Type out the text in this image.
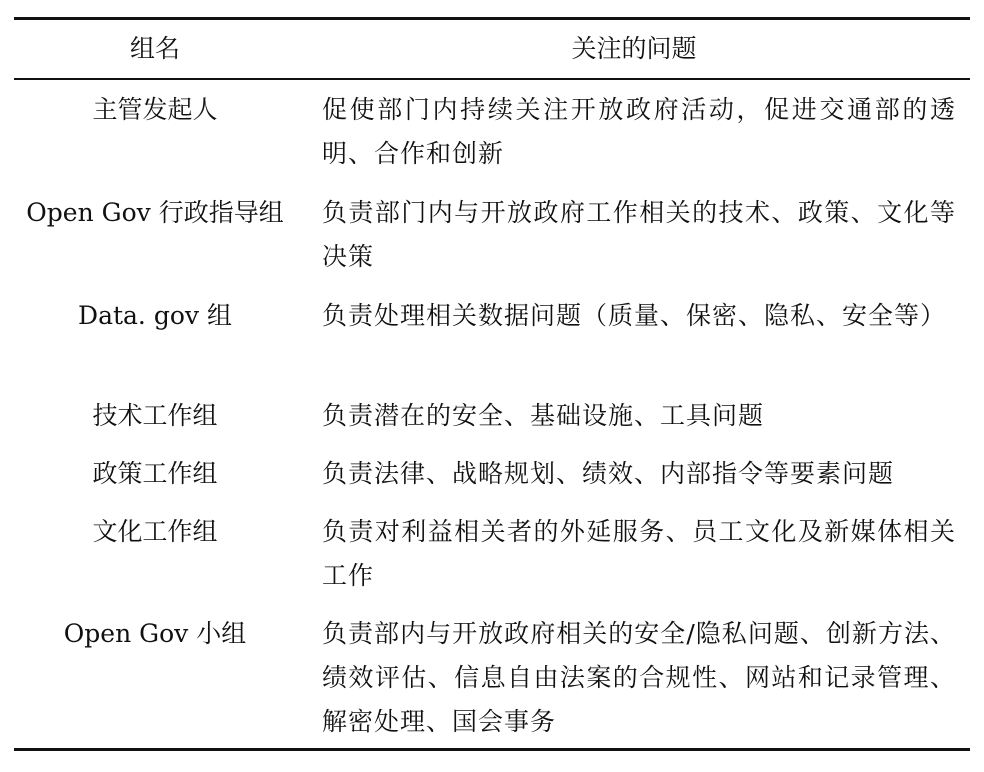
组名	关注的问题
主管发起人	促使部门内持续关注开放政府活动，促进交通部的透明、合作和创新
Open Gov 行政指导组	负责部门内与开放政府工作相关的技术、政策、文化等决策
Data. gov 组	负责处理相关数据问题（质量、保密、隐私、安全等）
技术工作组	负责潜在的安全、基础设施、工具问题
政策工作组	负责法律、战略规划、绩效、内部指令等要素问题
文化工作组	负责对利益相关者的外延服务、员工文化及新媒体相关工作
Open Gov 小组	负责部内与开放政府相关的安全/隐私问题、创新方法、绩效评估、信息自由法案的合规性、网站和记录管理、解密处理、国会事务
